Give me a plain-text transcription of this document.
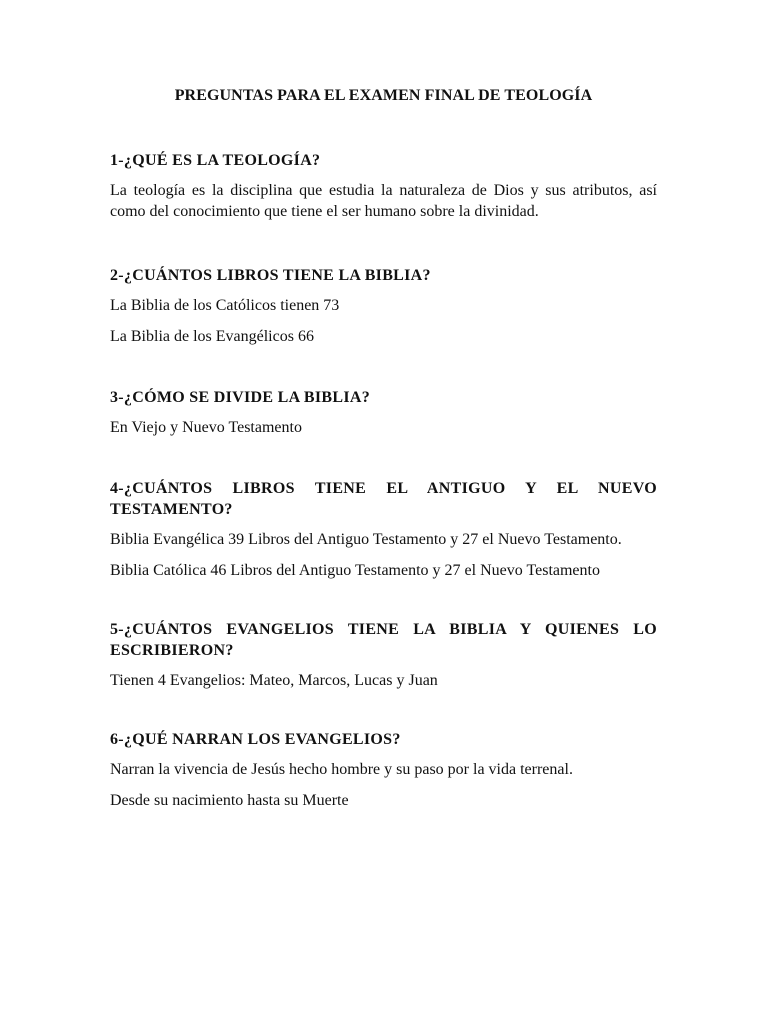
PREGUNTAS PARA EL EXAMEN FINAL DE TEOLOGÍA

1-¿QUÉ ES LA TEOLOGÍA?

La teología es la disciplina que estudia la naturaleza de Dios y sus atributos, así como del conocimiento que tiene el ser humano sobre la divinidad.

2-¿CUÁNTOS LIBROS TIENE LA BIBLIA?

La Biblia de los Católicos tienen 73

La Biblia de los Evangélicos 66

3-¿CÓMO SE DIVIDE LA BIBLIA?

En Viejo y Nuevo Testamento

4-¿CUÁNTOS LIBROS TIENE EL ANTIGUO Y EL NUEVO TESTAMENTO?

Biblia Evangélica 39 Libros del Antiguo Testamento y 27 el Nuevo Testamento.

Biblia Católica 46 Libros del Antiguo Testamento y 27 el Nuevo Testamento

5-¿CUÁNTOS EVANGELIOS TIENE LA BIBLIA Y QUIENES LO ESCRIBIERON?

Tienen 4 Evangelios: Mateo, Marcos, Lucas y Juan

6-¿QUÉ NARRAN LOS EVANGELIOS?

Narran la vivencia de Jesús hecho hombre y su paso por la vida terrenal.

Desde su nacimiento hasta su Muerte
